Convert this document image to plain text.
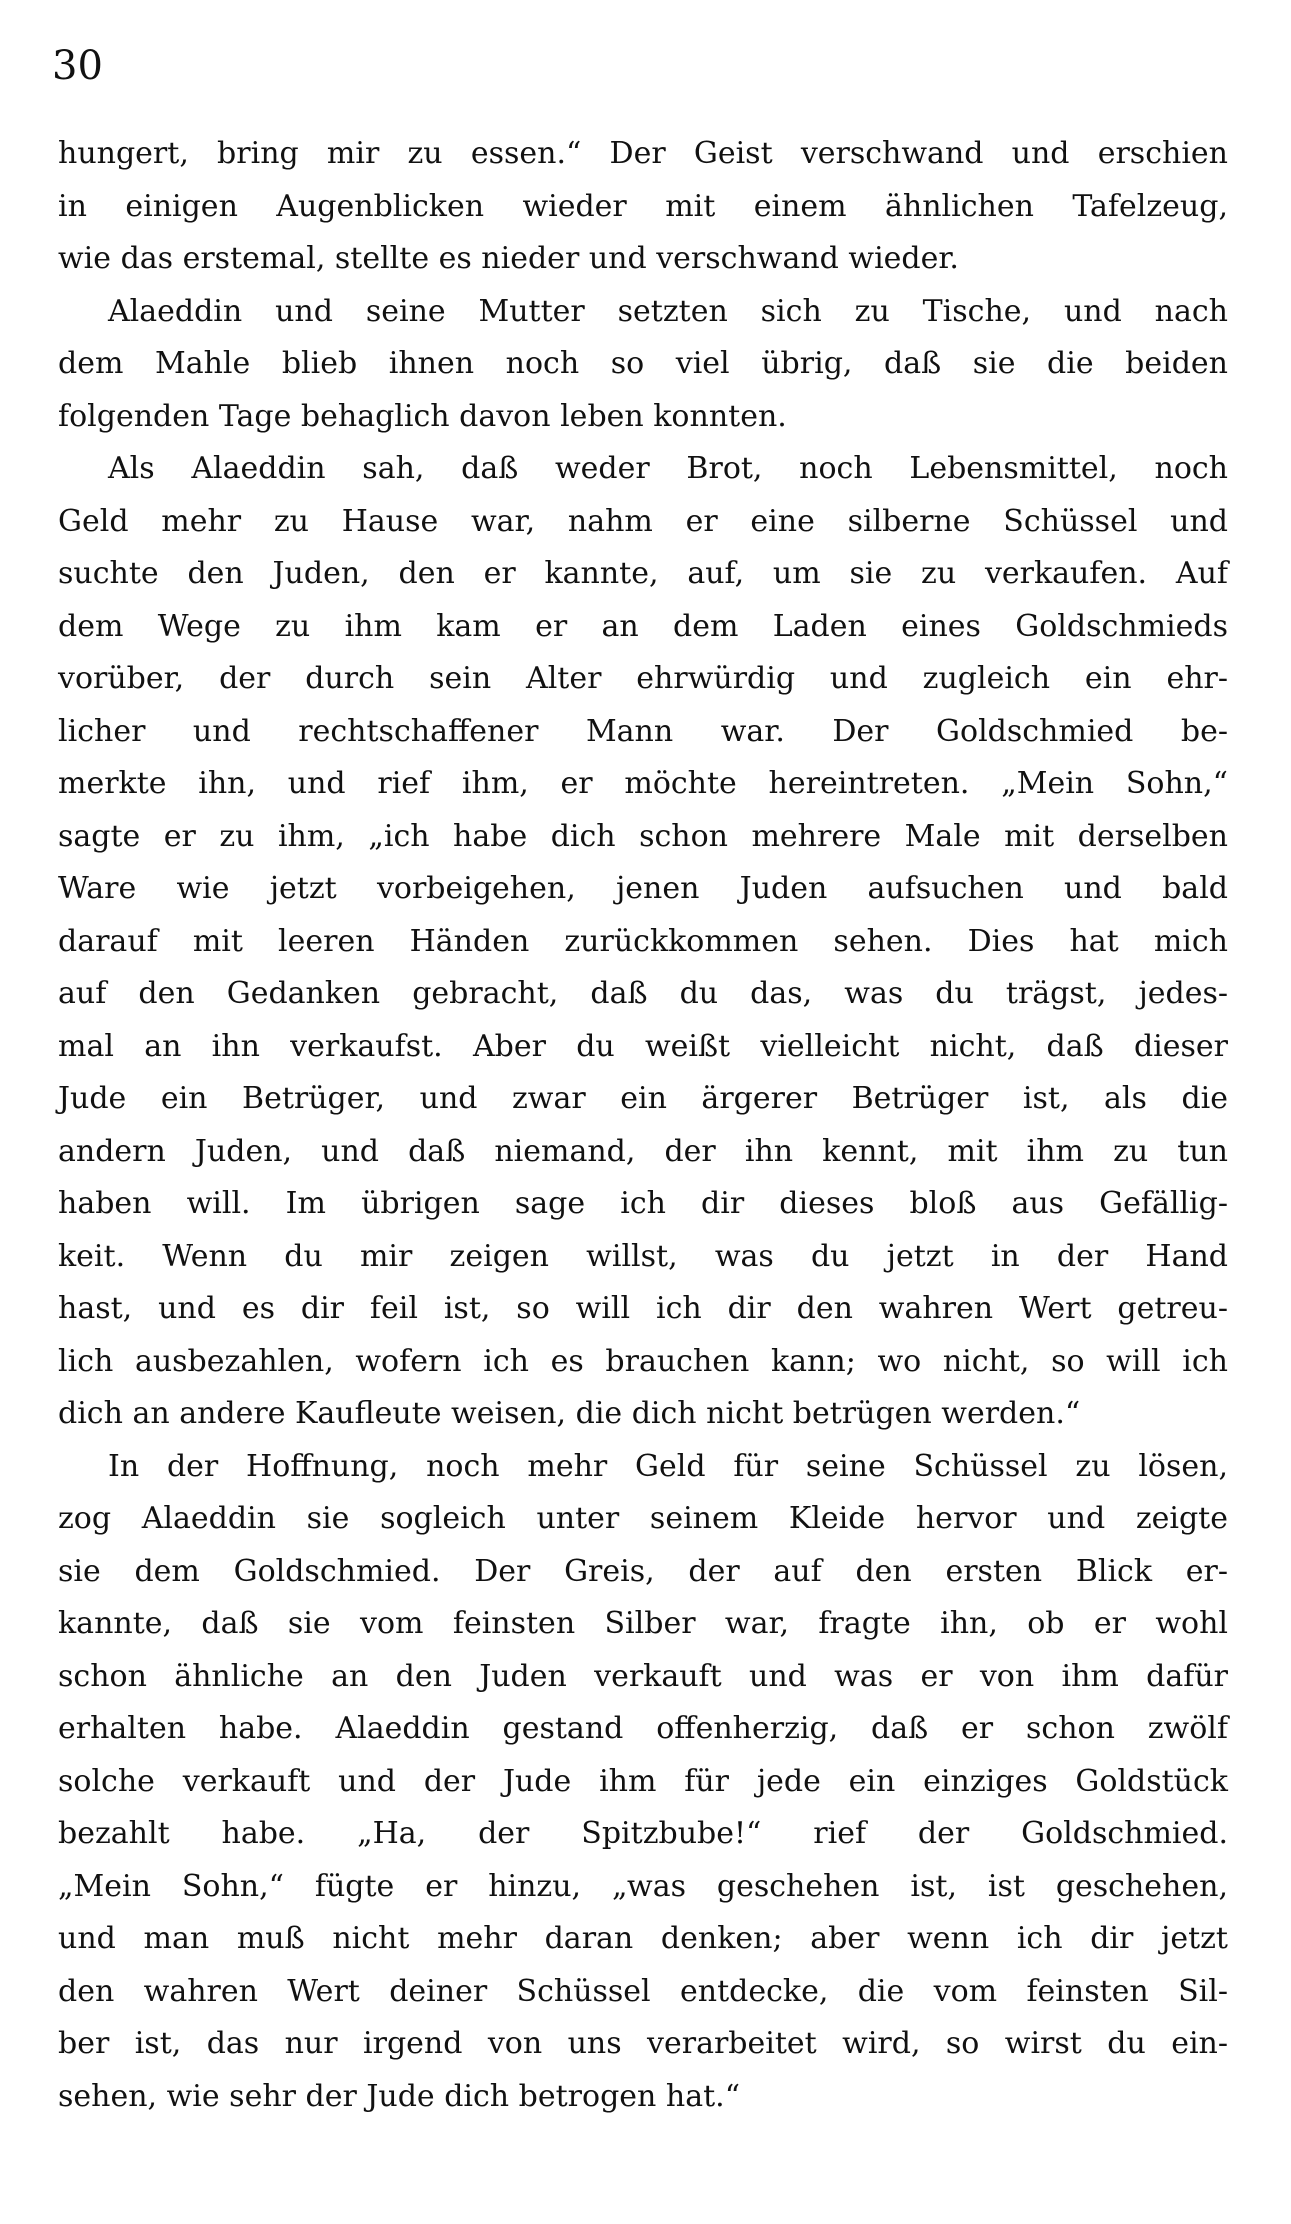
30
hungert, bring mir zu essen.“ Der Geist verschwand und erschien
in einigen Augenblicken wieder mit einem ähnlichen Tafelzeug,
wie das erstemal, stellte es nieder und verschwand wieder.
Alaeddin und seine Mutter setzten sich zu Tische, und nach
dem Mahle blieb ihnen noch so viel übrig, daß sie die beiden
folgenden Tage behaglich davon leben konnten.
Als Alaeddin sah, daß weder Brot, noch Lebensmittel, noch
Geld mehr zu Hause war, nahm er eine silberne Schüssel und
suchte den Juden, den er kannte, auf, um sie zu verkaufen. Auf
dem Wege zu ihm kam er an dem Laden eines Goldschmieds
vorüber, der durch sein Alter ehrwürdig und zugleich ein ehr-
licher und rechtschaffener Mann war. Der Goldschmied be-
merkte ihn, und rief ihm, er möchte hereintreten. „Mein Sohn,“
sagte er zu ihm, „ich habe dich schon mehrere Male mit derselben
Ware wie jetzt vorbeigehen, jenen Juden aufsuchen und bald
darauf mit leeren Händen zurückkommen sehen. Dies hat mich
auf den Gedanken gebracht, daß du das, was du trägst, jedes-
mal an ihn verkaufst. Aber du weißt vielleicht nicht, daß dieser
Jude ein Betrüger, und zwar ein ärgerer Betrüger ist, als die
andern Juden, und daß niemand, der ihn kennt, mit ihm zu tun
haben will. Im übrigen sage ich dir dieses bloß aus Gefällig-
keit. Wenn du mir zeigen willst, was du jetzt in der Hand
hast, und es dir feil ist, so will ich dir den wahren Wert getreu-
lich ausbezahlen, wofern ich es brauchen kann; wo nicht, so will ich
dich an andere Kaufleute weisen, die dich nicht betrügen werden.“
In der Hoffnung, noch mehr Geld für seine Schüssel zu lösen,
zog Alaeddin sie sogleich unter seinem Kleide hervor und zeigte
sie dem Goldschmied. Der Greis, der auf den ersten Blick er-
kannte, daß sie vom feinsten Silber war, fragte ihn, ob er wohl
schon ähnliche an den Juden verkauft und was er von ihm dafür
erhalten habe. Alaeddin gestand offenherzig, daß er schon zwölf
solche verkauft und der Jude ihm für jede ein einziges Goldstück
bezahlt habe. „Ha, der Spitzbube!“ rief der Goldschmied.
„Mein Sohn,“ fügte er hinzu, „was geschehen ist, ist geschehen,
und man muß nicht mehr daran denken; aber wenn ich dir jetzt
den wahren Wert deiner Schüssel entdecke, die vom feinsten Sil-
ber ist, das nur irgend von uns verarbeitet wird, so wirst du ein-
sehen, wie sehr der Jude dich betrogen hat.“
